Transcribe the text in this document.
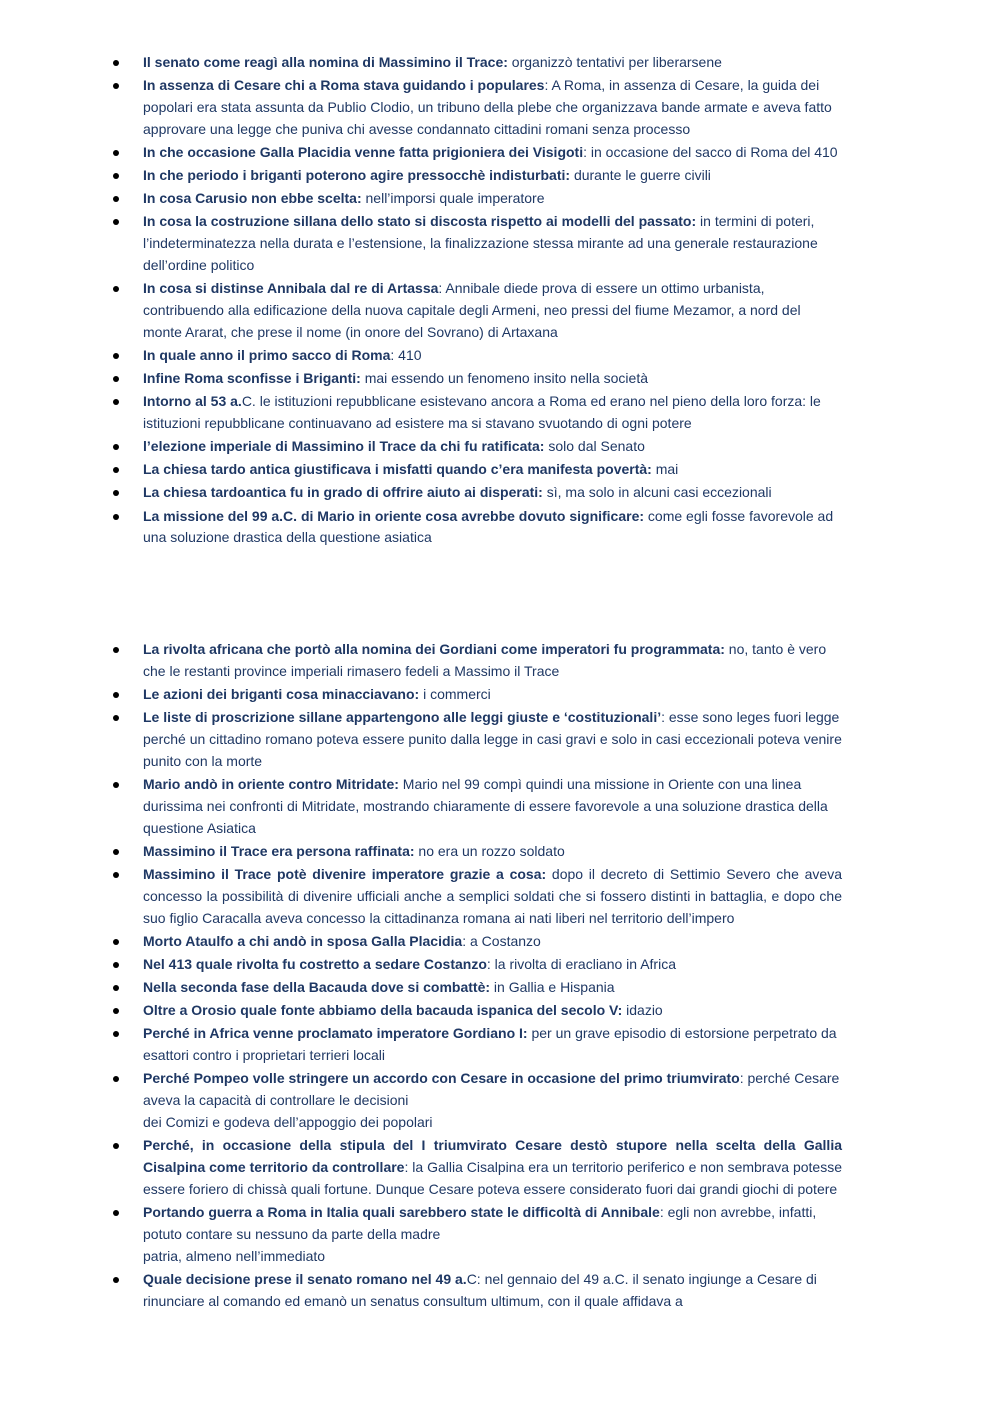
Il senato come reagì alla nomina di Massimino il Trace: organizzò tentativi per liberarsene
In assenza di Cesare chi a Roma stava guidando i populares: A Roma, in assenza di Cesare, la guida dei popolari era stata assunta da Publio Clodio, un tribuno della plebe che organizzava bande armate e aveva fatto approvare una legge che puniva chi avesse condannato cittadini romani senza processo
In che occasione Galla Placidia venne fatta prigioniera dei Visigoti: in occasione del sacco di Roma del 410
In che periodo i briganti poterono agire pressocchè indisturbati: durante le guerre civili
In cosa Carusio non ebbe scelta: nell’imporsi quale imperatore
In cosa la costruzione sillana dello stato si discosta rispetto ai modelli del passato: in termini di poteri, l’indeterminatezza nella durata e l’estensione, la finalizzazione stessa mirante ad una generale restaurazione dell’ordine politico
In cosa si distinse Annibala dal re di Artassa: Annibale diede prova di essere un ottimo urbanista, contribuendo alla edificazione della nuova capitale degli Armeni, neo pressi del fiume Mezamor, a nord del monte Ararat, che prese il nome (in onore del Sovrano) di Artaxana
In quale anno il primo sacco di Roma: 410
Infine Roma sconfisse i Briganti: mai essendo un fenomeno insito nella società
Intorno al 53 a.C. le istituzioni repubblicane esistevano ancora a Roma ed erano nel pieno della loro forza: le istituzioni repubblicane continuavano ad esistere ma si stavano svuotando di ogni potere
l’elezione imperiale di Massimino il Trace da chi fu ratificata: solo dal Senato
La chiesa tardo antica giustificava i misfatti quando c’era manifesta povertà: mai
La chiesa tardoantica fu in grado di offrire aiuto ai disperati: sì, ma solo in alcuni casi eccezionali
La missione del 99 a.C. di Mario in oriente cosa avrebbe dovuto significare: come egli fosse favorevole ad una soluzione drastica della questione asiatica
La rivolta africana che portò alla nomina dei Gordiani come imperatori fu programmata: no, tanto è vero che le restanti province imperiali rimasero fedeli a Massimo il Trace
Le azioni dei briganti cosa minacciavano: i commerci
Le liste di proscrizione sillane appartengono alle leggi giuste e ‘costituzionali’: esse sono leges fuori legge perché un cittadino romano poteva essere punito dalla legge in casi gravi e solo in casi eccezionali poteva venire punito con la morte
Mario andò in oriente contro Mitridate: Mario nel 99 compì quindi una missione in Oriente con una linea durissima nei confronti di Mitridate, mostrando chiaramente di essere favorevole a una soluzione drastica della questione Asiatica
Massimino il Trace era persona raffinata: no era un rozzo soldato
Massimino il Trace potè divenire imperatore grazie a cosa: dopo il decreto di Settimio Severo che aveva concesso la possibilità di divenire ufficiali anche a semplici soldati che si fossero distinti in battaglia, e dopo che suo figlio Caracalla aveva concesso la cittadinanza romana ai nati liberi nel territorio dell’impero
Morto Ataulfo a chi andò in sposa Galla Placidia: a Costanzo
Nel 413 quale rivolta fu costretto a sedare Costanzo: la rivolta di eracliano in Africa
Nella seconda fase della Bacauda dove si combattè: in Gallia e Hispania
Oltre a Orosio quale fonte abbiamo della bacauda ispanica del secolo V: idazio
Perché in Africa venne proclamato imperatore Gordiano I: per un grave episodio di estorsione perpetrato da esattori contro i proprietari terrieri locali
Perché Pompeo volle stringere un accordo con Cesare in occasione del primo triumvirato: perché Cesare aveva la capacità di controllare le decisioni
dei Comizi e godeva dell’appoggio dei popolari
Perché, in occasione della stipula del I triumvirato Cesare destò stupore nella scelta della Gallia Cisalpina come territorio da controllare: la Gallia Cisalpina era un territorio periferico e non sembrava potesse essere foriero di chissà quali fortune. Dunque Cesare poteva essere considerato fuori dai grandi giochi di potere
Portando guerra a Roma in Italia quali sarebbero state le difficoltà di Annibale: egli non avrebbe, infatti, potuto contare su nessuno da parte della madre
patria, almeno nell’immediato
Quale decisione prese il senato romano nel 49 a.C: nel gennaio del 49 a.C. il senato ingiunge a Cesare di rinunciare al comando ed emanò un senatus consultum ultimum, con il quale affidava a
